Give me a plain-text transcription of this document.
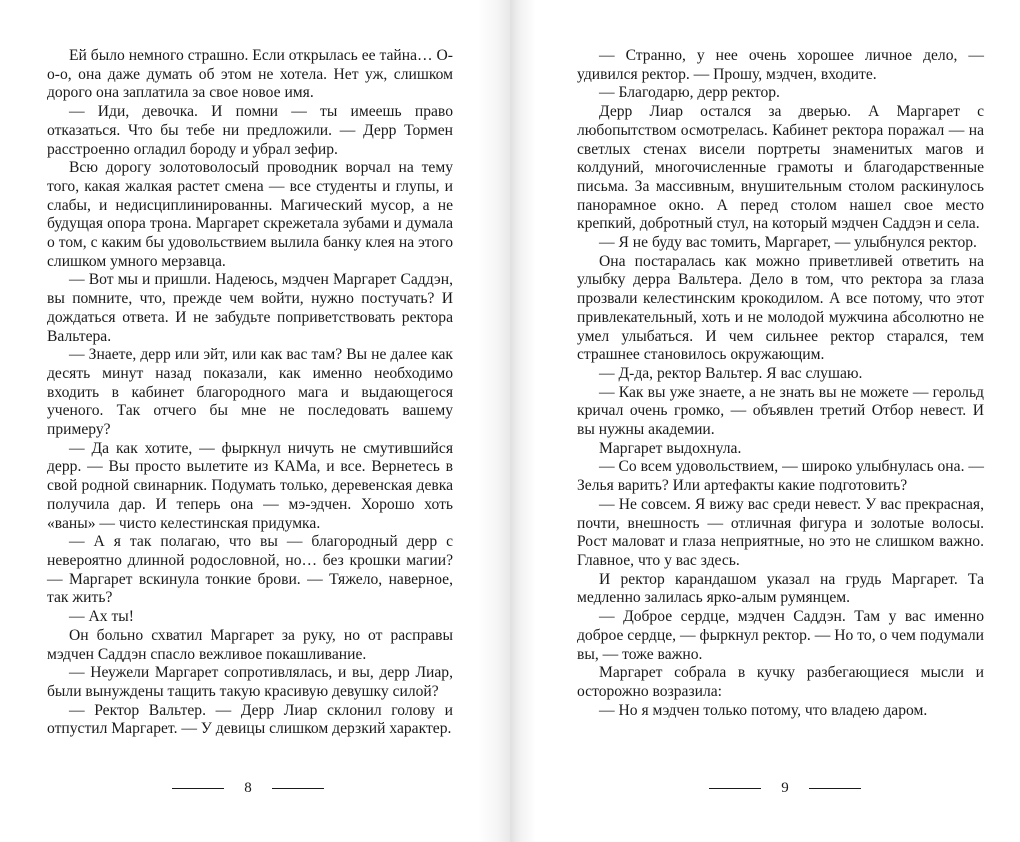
Ей было немного страшно. Если открылась ее тайна… О-о-о, она даже думать об этом не хотела. Нет уж, слишком дорого она заплатила за свое новое имя.

— Иди, девочка. И помни — ты имеешь право отказаться. Что бы тебе ни предложили. — Дерр Тормен расстроенно огладил бороду и убрал зефир.

Всю дорогу золотоволосый проводник ворчал на тему того, какая жалкая растет смена — все студенты и глупы, и слабы, и недисциплинированны. Магический мусор, а не будущая опора трона. Маргарет скрежетала зубами и думала о том, с каким бы удовольствием вылила банку клея на этого слишком умного мерзавца.

— Вот мы и пришли. Надеюсь, мэдчен Маргарет Саддэн, вы помните, что, прежде чем войти, нужно постучать? И дождаться ответа. И не забудьте поприветствовать ректора Вальтера.

— Знаете, дерр или эйт, или как вас там? Вы не далее как десять минут назад показали, как именно необходимо входить в кабинет благородного мага и выдающегося ученого. Так отчего бы мне не последовать вашему примеру?

— Да как хотите, — фыркнул ничуть не смутившийся дерр. — Вы просто вылетите из КАМа, и все. Вернетесь в свой родной свинарник. Подумать только, деревенская девка получила дар. И теперь она — мэ-эдчен. Хорошо хоть «ваны» — чисто келестинская придумка.

— А я так полагаю, что вы — благородный дерр с невероятно длинной родословной, но… без крошки магии? — Маргарет вскинула тонкие брови. — Тяжело, наверное, так жить?

— Ах ты!

Он больно схватил Маргарет за руку, но от расправы мэдчен Саддэн спасло вежливое покашливание.

— Неужели Маргарет сопротивлялась, и вы, дерр Лиар, были вынуждены тащить такую красивую девушку силой?

— Ректор Вальтер. — Дерр Лиар склонил голову и отпустил Маргарет. — У девицы слишком дерзкий характер.

8

— Странно, у нее очень хорошее личное дело, — удивился ректор. — Прошу, мэдчен, входите.

— Благодарю, дерр ректор.

Дерр Лиар остался за дверью. А Маргарет с любопытством осмотрелась. Кабинет ректора поражал — на светлых стенах висели портреты знаменитых магов и колдуний, многочисленные грамоты и благодарственные письма. За массивным, внушительным столом раскинулось панорамное окно. А перед столом нашел свое место крепкий, добротный стул, на который мэдчен Саддэн и села.

— Я не буду вас томить, Маргарет, — улыбнулся ректор.

Она постаралась как можно приветливей ответить на улыбку дерра Вальтера. Дело в том, что ректора за глаза прозвали келестинским крокодилом. А все потому, что этот привлекательный, хоть и не молодой мужчина абсолютно не умел улыбаться. И чем сильнее ректор старался, тем страшнее становилось окружающим.

— Д-да, ректор Вальтер. Я вас слушаю.

— Как вы уже знаете, а не знать вы не можете — герольд кричал очень громко, — объявлен третий Отбор невест. И вы нужны академии.

Маргарет выдохнула.

— Со всем удовольствием, — широко улыбнулась она. — Зелья варить? Или артефакты какие подготовить?

— Не совсем. Я вижу вас среди невест. У вас прекрасная, почти, внешность — отличная фигура и золотые волосы. Рост маловат и глаза неприятные, но это не слишком важно. Главное, что у вас здесь.

И ректор карандашом указал на грудь Маргарет. Та медленно залилась ярко-алым румянцем.

— Доброе сердце, мэдчен Саддэн. Там у вас именно доброе сердце, — фыркнул ректор. — Но то, о чем подумали вы, — тоже важно.

Маргарет собрала в кучку разбегающиеся мысли и осторожно возразила:

— Но я мэдчен только потому, что владею даром.

9
